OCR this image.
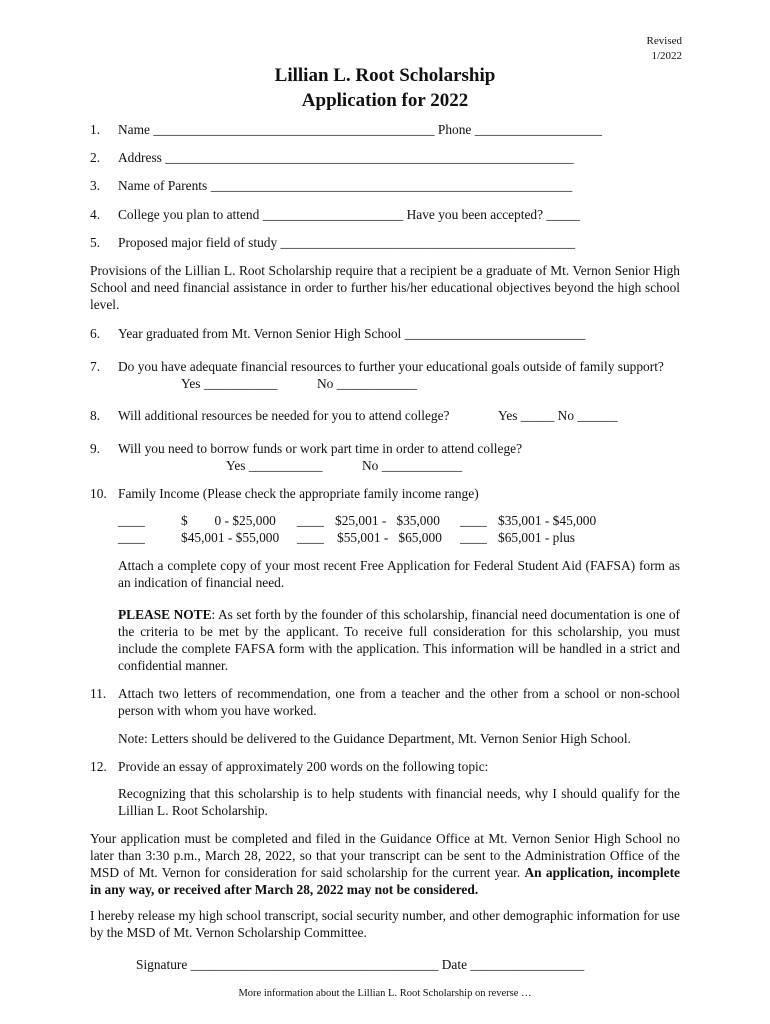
Revised
1/2022
Lillian L. Root Scholarship
Application for 2022
1. Name __________________________________________ Phone ___________________
2. Address _____________________________________________________________
3. Name of Parents ______________________________________________________
4. College you plan to attend _____________________ Have you been accepted? _____
5. Proposed major field of study ____________________________________________
Provisions of the Lillian L. Root Scholarship require that a recipient be a graduate of Mt. Vernon Senior High School and need financial assistance in order to further his/her educational objectives beyond the high school level.
6. Year graduated from Mt. Vernon Senior High School ___________________________
7. Do you have adequate financial resources to further your educational goals outside of family support?
Yes ___________	No ____________
8. Will additional resources be needed for you to attend college?	Yes _____ No ______
9. Will you need to borrow funds or work part time in order to attend college?
Yes ___________	No ____________
10. Family Income (Please check the appropriate family income range)
____	$        0 - $25,000 ____ $25,001 -   $35,000 ____ $35,001 - $45,000
____	$45,001 - $55,000 ____ $55,001 -   $65,000 ____ $65,001 - plus
Attach a complete copy of your most recent Free Application for Federal Student Aid (FAFSA) form as an indication of financial need.
PLEASE NOTE: As set forth by the founder of this scholarship, financial need documentation is one of the criteria to be met by the applicant. To receive full consideration for this scholarship, you must include the complete FAFSA form with the application. This information will be handled in a strict and confidential manner.
11. Attach two letters of recommendation, one from a teacher and the other from a school or non-school person with whom you have worked.
Note: Letters should be delivered to the Guidance Department, Mt. Vernon Senior High School.
12. Provide an essay of approximately 200 words on the following topic:
Recognizing that this scholarship is to help students with financial needs, why I should qualify for the Lillian L. Root Scholarship.
Your application must be completed and filed in the Guidance Office at Mt. Vernon Senior High School no later than 3:30 p.m., March 28, 2022, so that your transcript can be sent to the Administration Office of the MSD of Mt. Vernon for consideration for said scholarship for the current year. An application, incomplete in any way, or received after March 28, 2022 may not be considered.
I hereby release my high school transcript, social security number, and other demographic information for use by the MSD of Mt. Vernon Scholarship Committee.
Signature _____________________________________ Date _________________
More information about the Lillian L. Root Scholarship on reverse …
